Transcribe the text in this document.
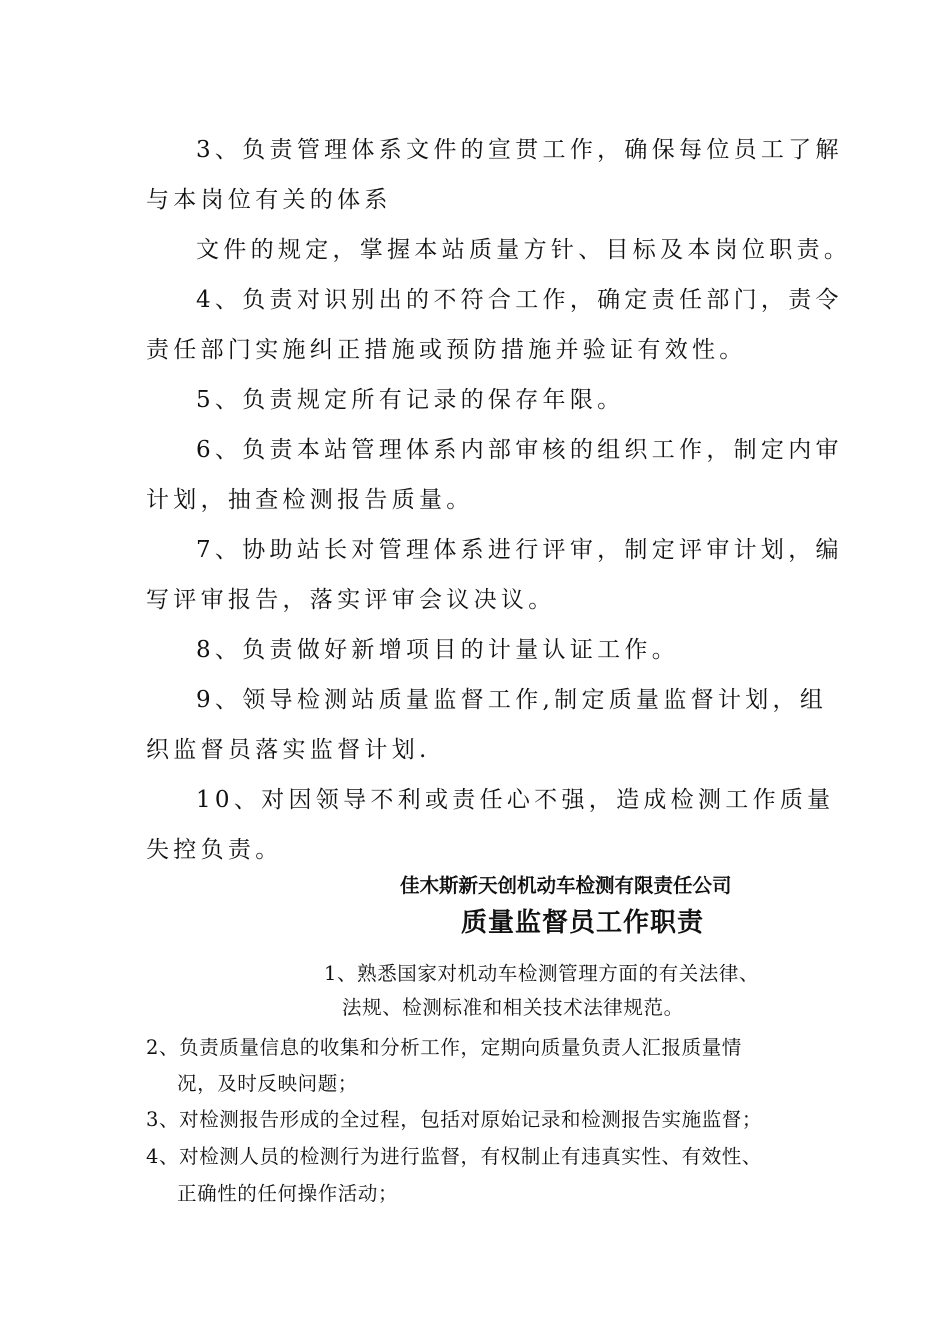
3、负责管理体系文件的宣贯工作，确保每位员工了解
与本岗位有关的体系
文件的规定，掌握本站质量方针、目标及本岗位职责。
4、负责对识别出的不符合工作，确定责任部门，责令
责任部门实施纠正措施或预防措施并验证有效性。
5、负责规定所有记录的保存年限。
6、负责本站管理体系内部审核的组织工作，制定内审
计划，抽查检测报告质量。
7、协助站长对管理体系进行评审，制定评审计划，编
写评审报告，落实评审会议决议。
8、负责做好新增项目的计量认证工作。
9、领导检测站质量监督工作,制定质量监督计划，组
织监督员落实监督计划.
10、对因领导不利或责任心不强，造成检测工作质量
失控负责。
佳木斯新天创机动车检测有限责任公司
质量监督员工作职责
1、熟悉国家对机动车检测管理方面的有关法律、
法规、检测标准和相关技术法律规范。
2、负责质量信息的收集和分析工作，定期向质量负责人汇报质量情
况，及时反映问题；
3、对检测报告形成的全过程，包括对原始记录和检测报告实施监督；
4、对检测人员的检测行为进行监督，有权制止有违真实性、有效性、
正确性的任何操作活动；
